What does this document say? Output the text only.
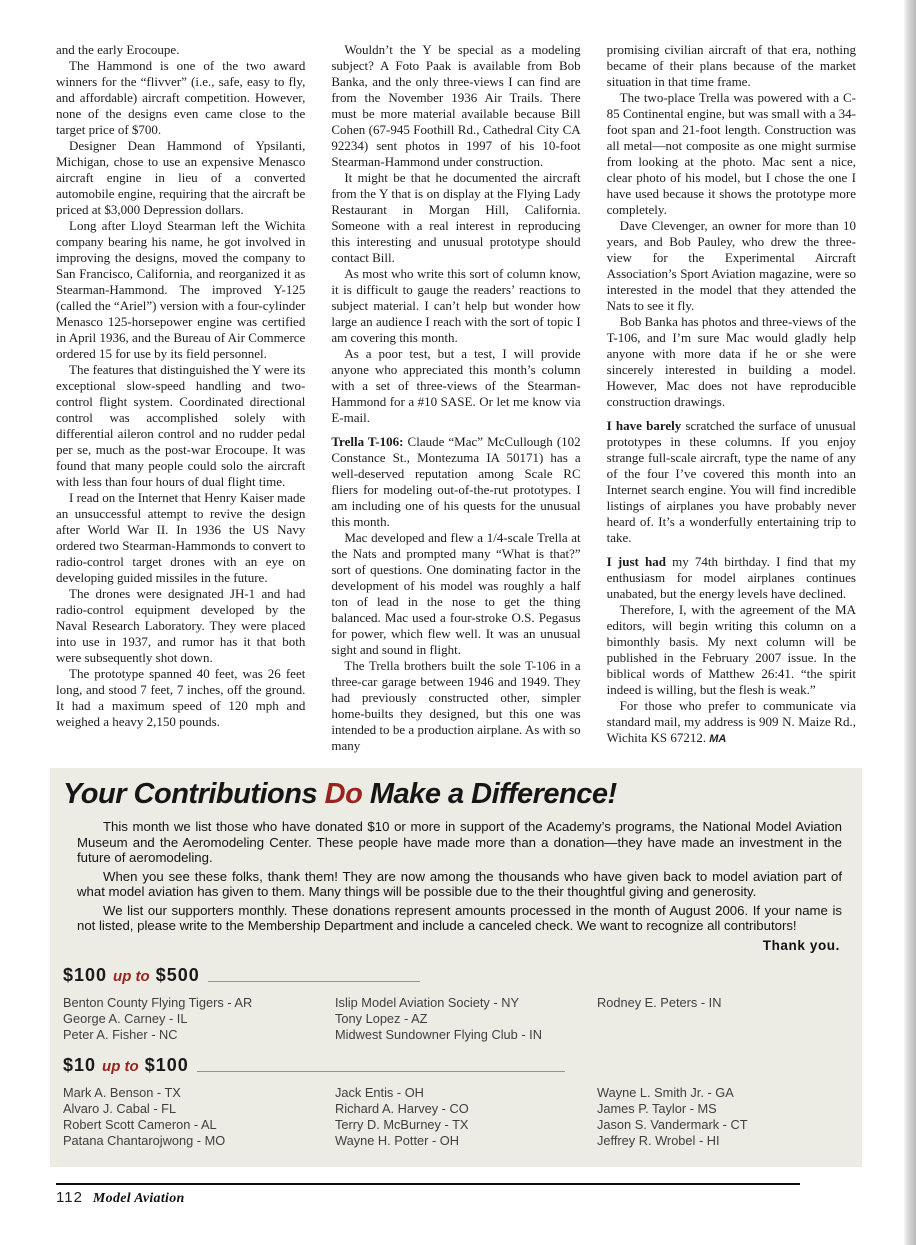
and the early Erocoupe.

The Hammond is one of the two award winners for the “flivver” (i.e., safe, easy to fly, and affordable) aircraft competition. However, none of the designs even came close to the target price of $700.

Designer Dean Hammond of Ypsilanti, Michigan, chose to use an expensive Menasco aircraft engine in lieu of a converted automobile engine, requiring that the aircraft be priced at $3,000 Depression dollars.

Long after Lloyd Stearman left the Wichita company bearing his name, he got involved in improving the designs, moved the company to San Francisco, California, and reorganized it as Stearman-Hammond. The improved Y-125 (called the “Ariel”) version with a four-cylinder Menasco 125-horsepower engine was certified in April 1936, and the Bureau of Air Commerce ordered 15 for use by its field personnel.

The features that distinguished the Y were its exceptional slow-speed handling and two-control flight system. Coordinated directional control was accomplished solely with differential aileron control and no rudder pedal per se, much as the post-war Erocoupe. It was found that many people could solo the aircraft with less than four hours of dual flight time.

I read on the Internet that Henry Kaiser made an unsuccessful attempt to revive the design after World War II. In 1936 the US Navy ordered two Stearman-Hammonds to convert to radio-control target drones with an eye on developing guided missiles in the future.

The drones were designated JH-1 and had radio-control equipment developed by the Naval Research Laboratory. They were placed into use in 1937, and rumor has it that both were subsequently shot down.

The prototype spanned 40 feet, was 26 feet long, and stood 7 feet, 7 inches, off the ground. It had a maximum speed of 120 mph and weighed a heavy 2,150 pounds.

Wouldn’t the Y be special as a modeling subject? A Foto Paak is available from Bob Banka, and the only three-views I can find are from the November 1936 Air Trails. There must be more material available because Bill Cohen (67-945 Foothill Rd., Cathedral City CA 92234) sent photos in 1997 of his 10-foot Stearman-Hammond under construction.

It might be that he documented the aircraft from the Y that is on display at the Flying Lady Restaurant in Morgan Hill, California. Someone with a real interest in reproducing this interesting and unusual prototype should contact Bill.

As most who write this sort of column know, it is difficult to gauge the readers’ reactions to subject material. I can’t help but wonder how large an audience I reach with the sort of topic I am covering this month.

As a poor test, but a test, I will provide anyone who appreciated this month’s column with a set of three-views of the Stearman-Hammond for a #10 SASE. Or let me know via E-mail.

Trella T-106: Claude “Mac” McCullough (102 Constance St., Montezuma IA 50171) has a well-deserved reputation among Scale RC fliers for modeling out-of-the-rut prototypes. I am including one of his quests for the unusual this month.

Mac developed and flew a 1/4-scale Trella at the Nats and prompted many “What is that?” sort of questions. One dominating factor in the development of his model was roughly a half ton of lead in the nose to get the thing balanced. Mac used a four-stroke O.S. Pegasus for power, which flew well. It was an unusual sight and sound in flight.

The Trella brothers built the sole T-106 in a three-car garage between 1946 and 1949. They had previously constructed other, simpler home-builts they designed, but this one was intended to be a production airplane. As with so many

promising civilian aircraft of that era, nothing became of their plans because of the market situation in that time frame.

The two-place Trella was powered with a C-85 Continental engine, but was small with a 34-foot span and 21-foot length. Construction was all metal—not composite as one might surmise from looking at the photo. Mac sent a nice, clear photo of his model, but I chose the one I have used because it shows the prototype more completely.

Dave Clevenger, an owner for more than 10 years, and Bob Pauley, who drew the three-view for the Experimental Aircraft Association’s Sport Aviation magazine, were so interested in the model that they attended the Nats to see it fly.

Bob Banka has photos and three-views of the T-106, and I’m sure Mac would gladly help anyone with more data if he or she were sincerely interested in building a model. However, Mac does not have reproducible construction drawings.

I have barely scratched the surface of unusual prototypes in these columns. If you enjoy strange full-scale aircraft, type the name of any of the four I’ve covered this month into an Internet search engine. You will find incredible listings of airplanes you have probably never heard of. It’s a wonderfully entertaining trip to take.

I just had my 74th birthday. I find that my enthusiasm for model airplanes continues unabated, but the energy levels have declined.

Therefore, I, with the agreement of the MA editors, will begin writing this column on a bimonthly basis. My next column will be published in the February 2007 issue. In the biblical words of Matthew 26:41. “the spirit indeed is willing, but the flesh is weak.”

For those who prefer to communicate via standard mail, my address is 909 N. Maize Rd., Wichita KS 67212. MA

Your Contributions Do Make a Difference!

This month we list those who have donated $10 or more in support of the Academy’s programs, the National Model Aviation Museum and the Aeromodeling Center. These people have made more than a donation—they have made an investment in the future of aeromodeling.

When you see these folks, thank them! They are now among the thousands who have given back to model aviation part of what model aviation has given to them. Many things will be possible due to the their thoughtful giving and generosity.

We list our supporters monthly. These donations represent amounts processed in the month of August 2006. If your name is not listed, please write to the Membership Department and include a canceled check. We want to recognize all contributors!

Thank you.
$100 up to $500
Benton County Flying Tigers - AR
George A. Carney - IL
Peter A. Fisher - NC
Islip Model Aviation Society - NY
Tony Lopez - AZ
Midwest Sundowner Flying Club - IN
Rodney E. Peters - IN
$10 up to $100
Mark A. Benson - TX
Alvaro J. Cabal - FL
Robert Scott Cameron - AL
Patana Chantarojwong - MO
Jack Entis - OH
Richard A. Harvey - CO
Terry D. McBurney - TX
Wayne H. Potter - OH
Wayne L. Smith Jr. - GA
James P. Taylor - MS
Jason S. Vandermark - CT
Jeffrey R. Wrobel - HI
112 Model Aviation
